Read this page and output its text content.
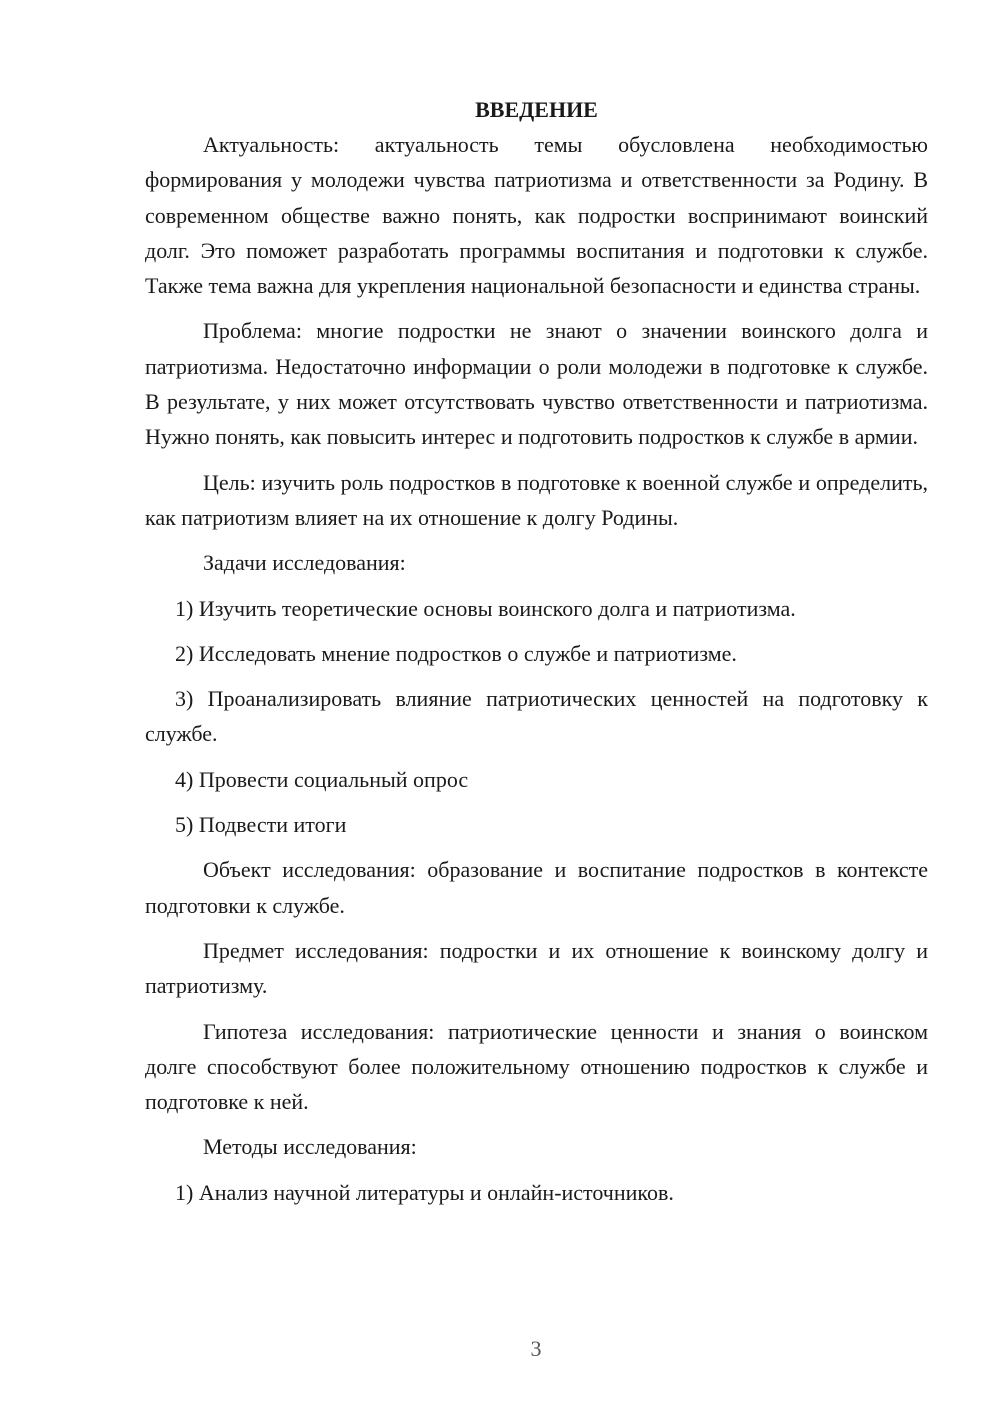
ВВЕДЕНИЕ

Актуальность: актуальность темы обусловлена необходимостью формирования у молодежи чувства патриотизма и ответственности за Родину. В современном обществе важно понять, как подростки воспринимают воинский долг. Это поможет разработать программы воспитания и подготовки к службе. Также тема важна для укрепления национальной безопасности и единства страны.

Проблема: многие подростки не знают о значении воинского долга и патриотизма. Недостаточно информации о роли молодежи в подготовке к службе. В результате, у них может отсутствовать чувство ответственности и патриотизма. Нужно понять, как повысить интерес и подготовить подростков к службе в армии.

Цель: изучить роль подростков в подготовке к военной службе и определить, как патриотизм влияет на их отношение к долгу Родины.

Задачи исследования:

1) Изучить теоретические основы воинского долга и патриотизма.

2) Исследовать мнение подростков о службе и патриотизме.

3) Проанализировать влияние патриотических ценностей на подготовку к службе.

4) Провести социальный опрос

5) Подвести итоги

Объект исследования: образование и воспитание подростков в контексте подготовки к службе.

Предмет исследования: подростки и их отношение к воинскому долгу и патриотизму.

Гипотеза исследования: патриотические ценности и знания о воинском долге способствуют более положительному отношению подростков к службе и подготовке к ней.

Методы исследования:

1) Анализ научной литературы и онлайн-источников.

3
